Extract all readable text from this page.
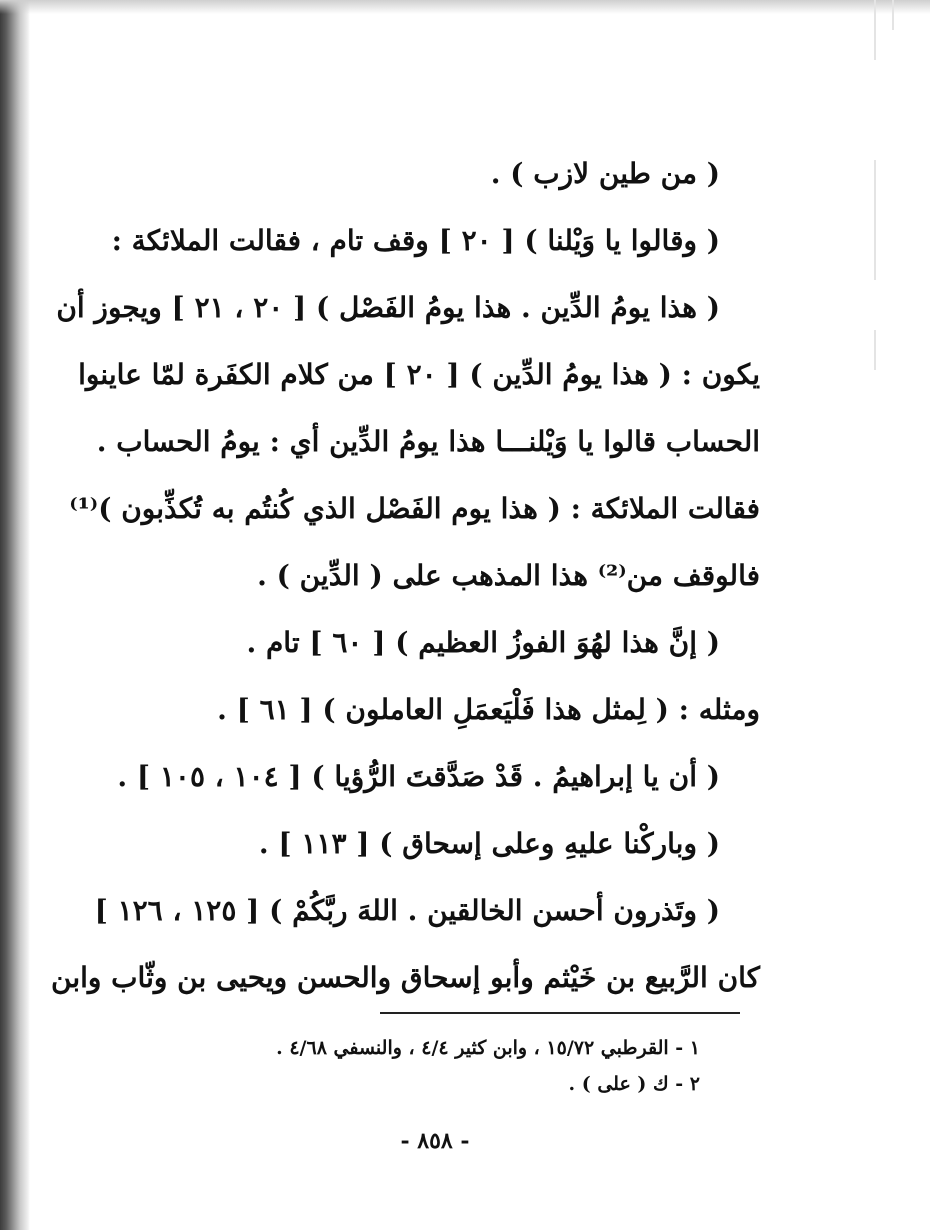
( من طين لازب ) .
( وقالوا يا وَيْلنا ) [ ٢٠ ] وقف تام ، فقالت الملائكة :
( هذا يومُ الدِّين . هذا يومُ الفَصْل ) [ ٢٠ ، ٢١ ] ويجوز أن
يكون : ( هذا يومُ الدِّين ) [ ٢٠ ] من كلام الكفَرة لمّا عاينوا
الحساب قالوا يا وَيْلنـــا هذا يومُ الدِّين أي : يومُ الحساب .
فقالت الملائكة : ( هذا يوم الفَصْل الذي كُنتُم به تُكذِّبون )⁽¹⁾
فالوقف من⁽²⁾ هذا المذهب على ( الدِّين ) .
( إنَّ هذا لهُوَ الفوزُ العظيم ) [ ٦٠ ] تام .
ومثله : ( لِمثل هذا فَلْيَعمَلِ العاملون ) [ ٦١ ] .
( أن يا إبراهيمُ . قَدْ صَدَّقتَ الرُّؤيا ) [ ١٠٤ ، ١٠٥ ] .
( وباركْنا عليهِ وعلى إسحاق ) [ ١١٣ ] .
( وتَذرون أحسن الخالقين . اللهَ ربَّكُمْ ) [ ١٢٥ ، ١٢٦ ]
كان الرَّبيع بن خَيْثم وأبو إسحاق والحسن ويحيى بن وثّاب وابن
١ - القرطبي ١٥/٧٢ ، وابن كثير ٤/٤ ، والنسفي ٤/٦٨ .
٢ - ك ( على ) .
- ٨٥٨ -
